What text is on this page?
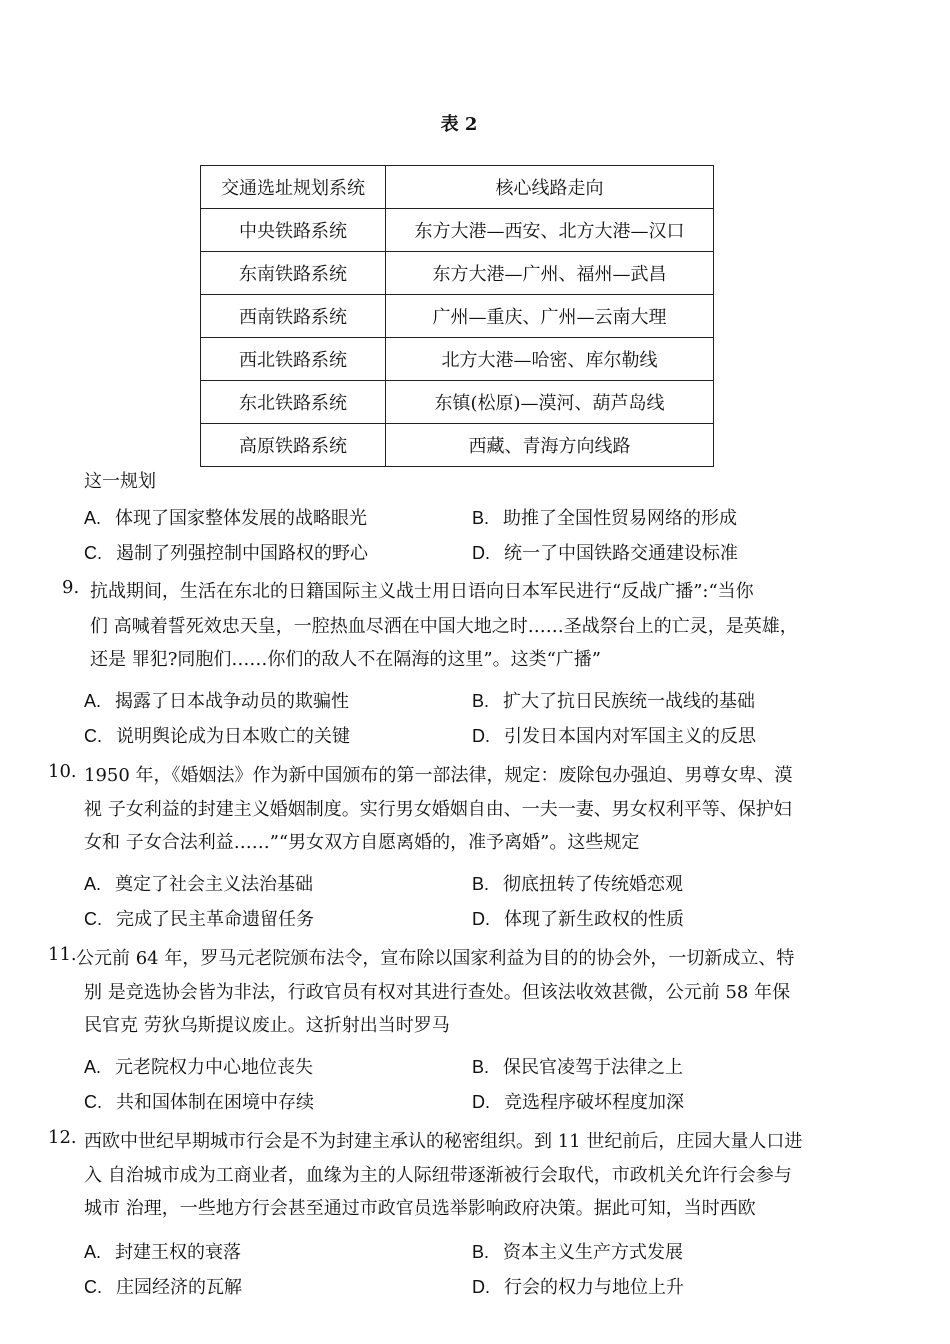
表 2
交通选址规划系统	核心线路走向
中央铁路系统	东方大港—西安、北方大港—汉口
东南铁路系统	东方大港—广州、福州—武昌
西南铁路系统	广州—重庆、广州—云南大理
西北铁路系统	北方大港—哈密、库尔勒线
东北铁路系统	东镇(松原)—漠河、葫芦岛线
高原铁路系统	西藏、青海方向线路
这一规划
A. 体现了国家整体发展的战略眼光	B. 助推了全国性贸易网络的形成
C. 遏制了列强控制中国路权的野心	D. 统一了中国铁路交通建设标准
9. 抗战期间，生活在东北的日籍国际主义战士用日语向日本军民进行“反战广播”:“当你
们 高喊着誓死效忠天皇，一腔热血尽洒在中国大地之时……圣战祭台上的亡灵，是英雄，
还是 罪犯?同胞们……你们的敌人不在隔海的这里”。这类“广播”
A. 揭露了日本战争动员的欺骗性	B. 扩大了抗日民族统一战线的基础
C. 说明舆论成为日本败亡的关键	D. 引发日本国内对军国主义的反思
10. 1950 年，《婚姻法》作为新中国颁布的第一部法律，规定：废除包办强迫、男尊女卑、漠
视 子女利益的封建主义婚姻制度。实行男女婚姻自由、一夫一妻、男女权利平等、保护妇
女和 子女合法利益……”“男女双方自愿离婚的，准予离婚”。这些规定
A. 奠定了社会主义法治基础	B. 彻底扭转了传统婚恋观
C. 完成了民主革命遗留任务	D. 体现了新生政权的性质
11. 公元前 64 年，罗马元老院颁布法令，宣布除以国家利益为目的的协会外，一切新成立、特
别 是竞选协会皆为非法，行政官员有权对其进行查处。但该法收效甚微，公元前 58 年保
民官克 劳狄乌斯提议废止。这折射出当时罗马
A. 元老院权力中心地位丧失	B. 保民官凌驾于法律之上
C. 共和国体制在困境中存续	D. 竞选程序破坏程度加深
12. 西欧中世纪早期城市行会是不为封建主承认的秘密组织。到 11 世纪前后，庄园大量人口进
入 自治城市成为工商业者，血缘为主的人际纽带逐渐被行会取代，市政机关允许行会参与
城市 治理，一些地方行会甚至通过市政官员选举影响政府决策。据此可知，当时西欧
A. 封建王权的衰落	B. 资本主义生产方式发展
C. 庄园经济的瓦解	D. 行会的权力与地位上升
